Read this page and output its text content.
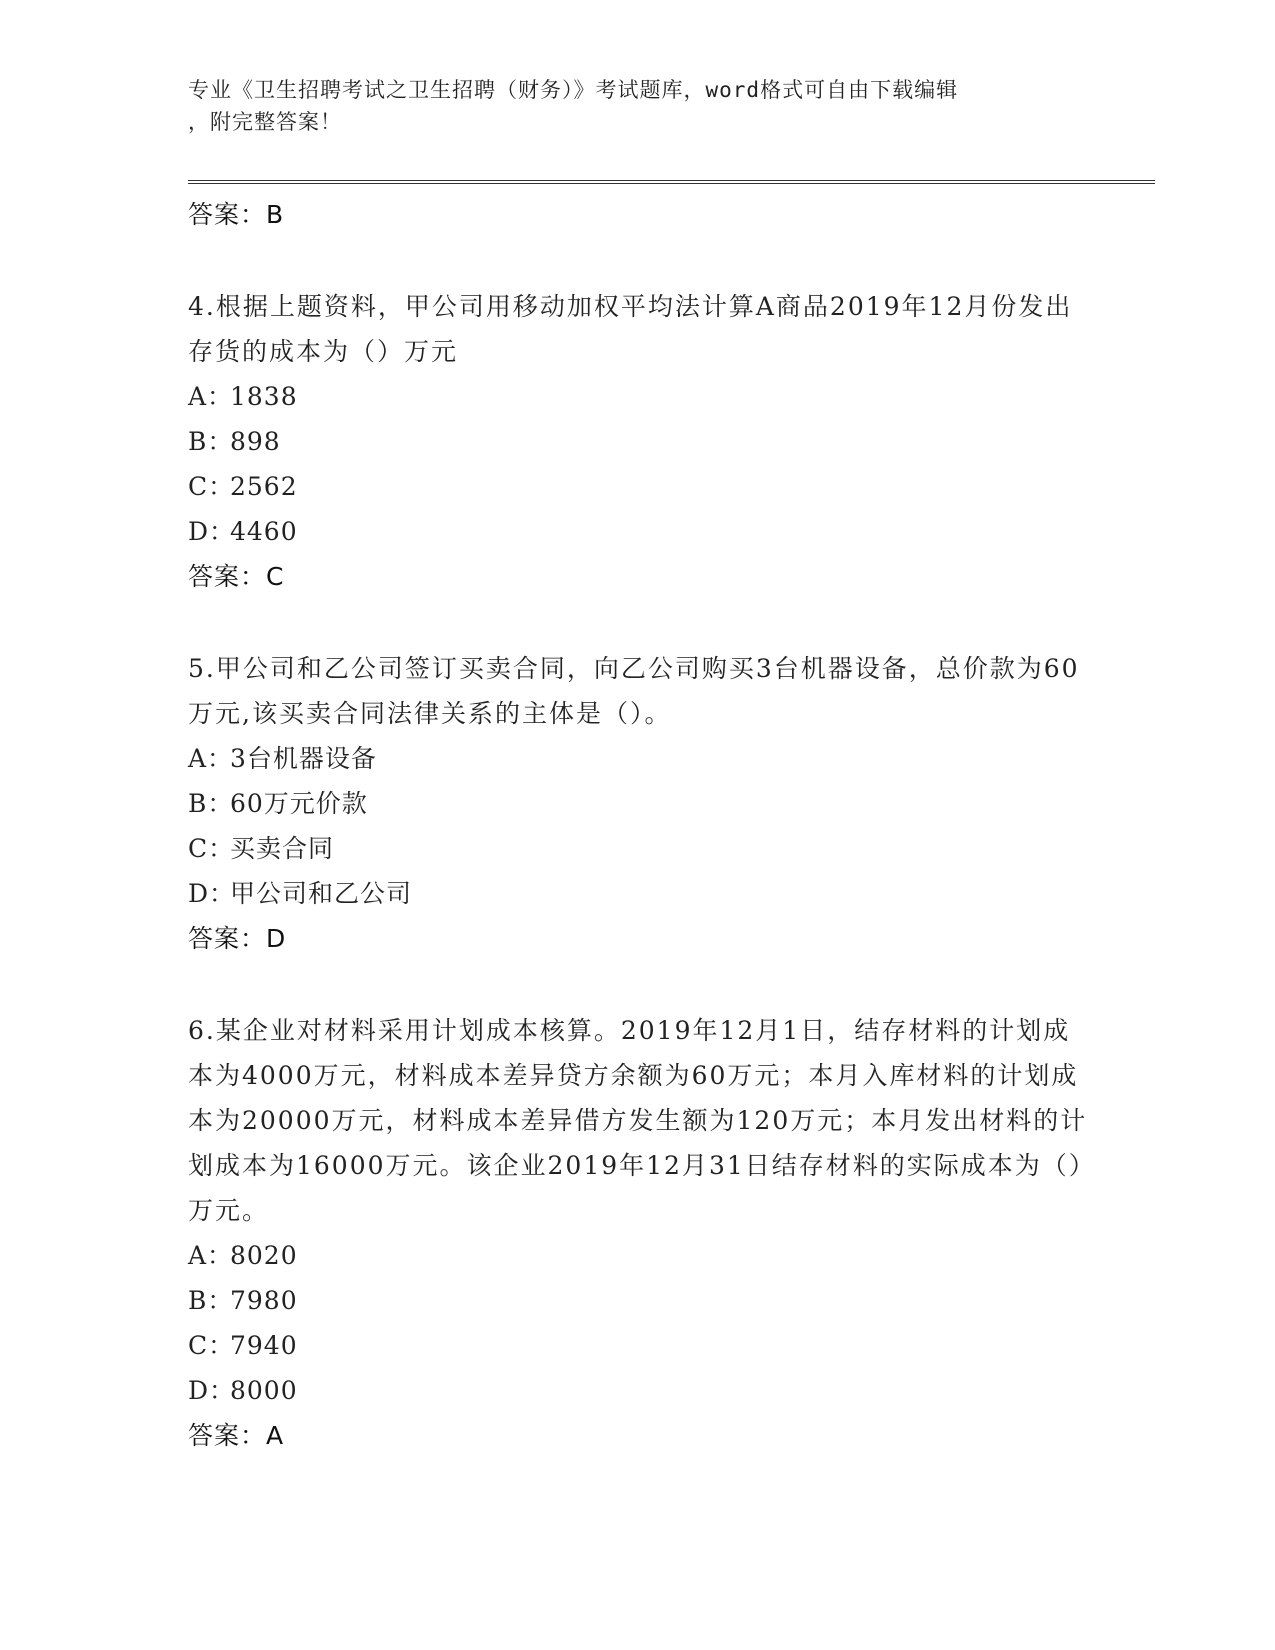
专业《卫生招聘考试之卫生招聘（财务）》考试题库，word格式可自由下载编辑
，附完整答案！
答案：B
4.根据上题资料，甲公司用移动加权平均法计算A商品2019年12月份发出存货的成本为（）万元
A：1838
B：898
C：2562
D：4460
答案：C
5.甲公司和乙公司签订买卖合同，向乙公司购买3台机器设备，总价款为60万元,该买卖合同法律关系的主体是（）。
A：3台机器设备
B：60万元价款
C：买卖合同
D：甲公司和乙公司
答案：D
6.某企业对材料采用计划成本核算。2019年12月1日，结存材料的计划成本为4000万元，材料成本差异贷方余额为60万元；本月入库材料的计划成本为20000万元，材料成本差异借方发生额为120万元；本月发出材料的计划成本为16000万元。该企业2019年12月31日结存材料的实际成本为（）万元。
A：8020
B：7980
C：7940
D：8000
答案：A
